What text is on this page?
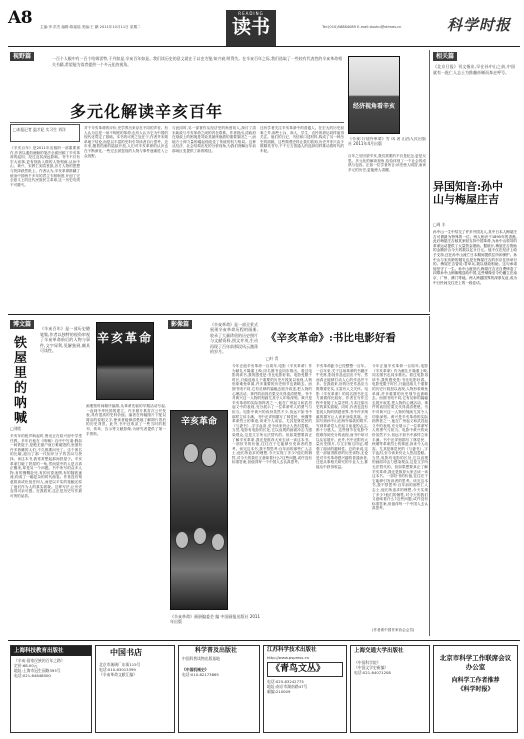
A8 主编:李 洪杰 编辑:陈瑶瑶 美编:王 鹏 2011年10月11日 星期二
READING
读书	Tel:(010)58884089 E-mail:dushu@stimes.cn	科学时报
视野篇	一百个人眼中有一百个哈姆雷特,于丹如是,辛亥百年如是。我们读历史的意义就在于以史为鉴,知兴衰,明得失。在辛亥百年之际,我们选取了一些较有代表性的辛亥革命相关书籍,希望能为读者提供一个多元化的视角。
多元化解读辛亥百年
□本报记者 温才妃 实习生 刘洋
《辛亥百年》是2011年出版的一部重要著作,作者以通俗流畅的笔法全面回顾了辛亥革命的起因、经过及其深远影响。书中不仅有宏大叙事,更有细致入微的人物刻画,从孙中山、黄兴、宋教仁到袁世凯,各方人物的思想与抉择跃然纸上。作者认为,辛亥革命推翻了统治中国两千多年的君主专制制度,开创了完全意义上的近代民族民主革命,这一历史功绩不可磨灭。
对于辛亥革命的评价,史学界历来存在不同的声音。有人认为这是一场不彻底的革命,也有人认为它为中国的现代化奠定了基础。本书的可贵之处在于,作者并未简单地下结论,而是以丰富的史料引导读者自行思考。近年来,随着档案的陆续开放,人们对辛亥革命的认识也在不断深化,一些过去被忽视的人物与事件逐渐进入公众视野。
与此同时,另一部著作从经济史的角度切入,探讨了清末新政与辛亥革命之间的内在联系。作者指出,清政府在财政上的困境是导致其最终崩溃的重要原因之一,而地方士绅力量的崛起则改变了传统的权力格局。这种从经济、社会结构出发的分析视角,为我们理解百年前那场巨变提供了新的路径。
还有学者关注辛亥革命中的普通人。在宏大的历史叙事之外,那些士兵、商人、学生、农民的命运同样值得关注。他们的日记、书信和口述材料,构成了另一种历史的面貌。这些微观史料让我们看到,历史并非只由少数精英书写,千千万万普通人的选择同样推动着时代的车轮。
经济视角看辛亥
《辛亥:计划外革命》雪 珥 著 山西人民出版社 2011年4月出版
百年之后回望辛亥,我们需要的不仅是纪念,更是反思。多元化的解读视角,恰恰体现了一个社会的成熟与包容。正如一位学者所言:读史使人明智,而读多元的历史,更能使人清醒。
相关篇
《北京日报》刊文指出,早在孙中山之前,中国就有一批仁人志士为推翻帝制而奔走呼号。
异国知音:孙中山与梅屋庄吉
□周 丰
孙中山一生中结交了许多外国友人,其中日本人梅屋庄吉可谓最为特殊的一位。两人相识于1895年的香港,此后梅屋庄吉倾其家财支持中国革命,为孙中山领导的革命运动提供了大量资金援助。据统计,梅屋庄吉资助的金额折合今天的数以亿计日元。他不仅在经济上给予支持,还在孙中山流亡日本期间提供住所和保护。孙中山与宋庆龄的婚礼也是在梅屋庄吉的东京住所举行的。梅屋庄吉曾说:君举兵,我以财政相助。这句承诺他坚守了一生。孙中山逝世后,梅屋庄吉还自费铸造了四尊孙中山铜像赠送给中国,这些铜像至今仍矗立在南京、广州、澳门等地。两人跨越国界的深厚友谊,成为中日民间交往史上的一段佳话。
博文篇
铁
屋
里
的
呐
喊
《辛亥百年》是一部历史随笔集,作者以独特的视角审视了辛亥革命前后的人物与事件,文字犀利,见解独到,颇具可读性。
辛亥革命
□刘欣
辛亥年的枪声响起时,鲁迅正在绍兴府中学堂任教。多年后他在《呐喊》自序中写道:假如一间铁屋子,是绝无窗户而万难破毁的,里面有许多熟睡的人们,不久都要闷死了。这个著名的比喻,道出了那一代知识分子的苦闷与抉择。读这本书,我常常想起那间铁屋子。辛亥革命打破了铁屋的一角,然而屋中的人是否真正醒来,却是另一个问题。书中所写的众多人物,有的慷慨赴死,有的彷徨迷惘,有的随波逐流,构成了一幅复杂的时代画卷。作者没有刻意拔高或贬低任何人,而是以平实的笔触还原了他们作为人的真实面貌。这种写法,让历史变得可亲可感。在我看来,这正是历史写作最可贵的品质。
画册按时间顺序编排,从革命先驱的早期活动写起,一直到中华民国的建立。许多照片系首次公开发表,具有很高的史料价值。编者在每幅图片下配以简洁的说明文字,使读者能够清楚地了解图片背后的历史背景。此外,书中还收录了一些当时的报刊、传单、告示等文献影像,为研究者提供了第一手资料。
影像篇	《辛亥革命》是一部全景式展现辛亥革命历程的画册,收录了大量珍贵的历史照片与文献资料,图文并茂,生动再现了百年前那段风云激荡的岁月。
辛亥革命
《辛亥革命》画册编委会 编 中国画报出版社 2011年出版
《辛亥革命》:书比电影好看
□叶 青
今年正值辛亥革命一百周年,电影《辛亥革命》作为献礼片隆重上映,同名图书也同步推出。看过电影再读书,我的感受是:书比电影好看。电影受限于时长,只能选取几个重要的历史片段加以表现,人物形象难免单薄,许多重要的历史细节也被略去。而图书则不同,它有足够的篇幅去展开叙述,把人物的心理活动、事件的前因后果交代得清清楚楚。书中对黄兴这一人物的刻画尤其令人印象深刻。黄兴是辛亥革命的实际指挥者之一,他在广州起义和武昌起义中的表现,充分展示了一位革命军人的勇气与担当。电影中黄兴的戏份虽然不少,但远不如书中那样立体丰满。书中还详细描写了林觉民、秋瑾等革命烈士的事迹,读来令人动容。尤其是林觉民的《与妻书》,字字血泪,至今读来仍让人热泪盈眶。当然,电影有电影的长处,它以直观的画面冲击力感染观众,这是文字所无法替代的。但如果想要真正了解辛亥革命,我还是推荐大家去读一读这本书。一部好书的价值,往往在于它能够引发读者的思考。读完这本书,我不禁思考:百年前的那些仁人志士,他们所追求的理想,今天实现了多少?他们的牺牲,对今天的我们又意味着什么?这些问题,或许没有标准答案,但值得每一个中国人去认真思考。
辛亥革命距今已经整整一百年。一百年来,关于这场革命的书籍汗牛充栋,影视作品也层出不穷。然而真正能够打动人心的作品并不多。在我看来,好的历史作品应当既尊重史实,又富有人文关怀。电影《辛亥革命》的同名图书在这方面做得比较好。作者在写作过程中查阅了大量史料,力求还原历史的真实面貌。同时,作者也没有忽视人物的情感世界,书中许多细腻的描写让人读来身临其境。比如写到孙中山在海外募款的艰辛,写到革命党人在起义前夜的忐忑,都十分感人。这些细节在电影中很难得到充分的表现,而书中却可以从容展开。此外,书中还附有大量历史图片,与文字相互印证,增强了阅读的趣味性。总的来说,这是一部值得推荐的历史读物,无论是对辛亥革命感兴趣的普通读者,还是从事相关研究的专业人士,都能从中获得收益。
今年正值辛亥革命一百周年,电影《辛亥革命》作为献礼片隆重上映,同名图书也同步推出。看过电影再读书,我的感受是:书比电影好看。电影受限于时长,只能选取几个重要的历史片段加以表现,人物形象难免单薄,许多重要的历史细节也被略去。而图书则不同,它有足够的篇幅去展开叙述,把人物的心理活动、事件的前因后果交代得清清楚楚。书中对黄兴这一人物的刻画尤其令人印象深刻。黄兴是辛亥革命的实际指挥者之一,他在广州起义和武昌起义中的表现,充分展示了一位革命军人的勇气与担当。电影中黄兴的戏份虽然不少,但远不如书中那样立体丰满。书中还详细描写了林觉民、秋瑾等革命烈士的事迹,读来令人动容。尤其是林觉民的《与妻书》,字字血泪,至今读来仍让人热泪盈眶。当然,电影有电影的长处,它以直观的画面冲击力感染观众,这是文字所无法替代的。但如果想要真正了解辛亥革命,我还是推荐大家去读一读这本书。一部好书的价值,往往在于它能够引发读者的思考。读完这本书,我不禁思考:百年前的那些仁人志士,他们所追求的理想,今天实现了多少?他们的牺牲,对今天的我们又意味着什么?这些问题,或许没有标准答案,但值得每一个中国人去认真思考。
(作者系中国作家协会会员)
上海科技教育出版社
《辛亥:国家民族的百年之路》
定价:68.00元
地址:上海市冠生园路393号
电话:021-64848000
中国书店
北京市琉璃厂东街115号
电话:010-63013399
《辛亥革命文献汇编》
科学普及出版社
中国科普读物出版基地
《中国机械史》
电话:010-62173865
江苏科学技术出版社
http://www.pspress.cn
《青鸟文丛》
电话:025-83242775
地址:南京市湖南路47号
邮编:210009
上海交通大学出版社
《中国科学院》
《中国文学史新编》
电话:021-64071208
北京市科学工作联席会议办公室
向科学工作者推荐
《科学时报》
